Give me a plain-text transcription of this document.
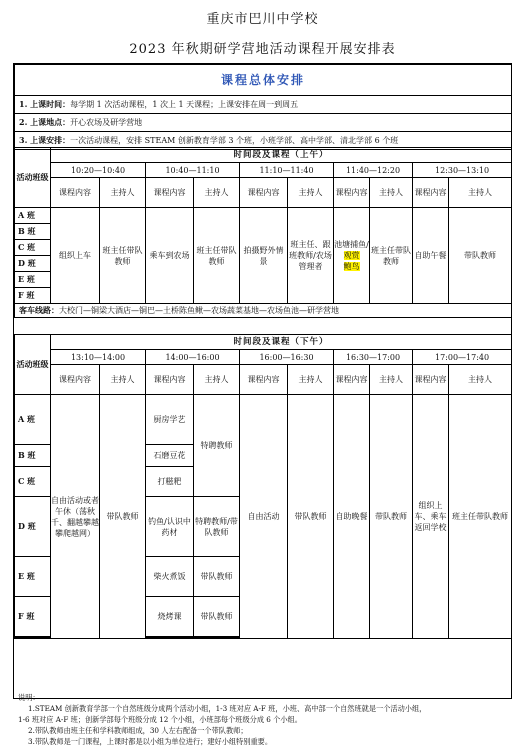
重庆市巴川中学校
2023 年秋期研学营地活动课程开展安排表
课程总体安排
1. 上课时间：每学期 1 次活动课程，1 次上 1 天课程；上课安排在周一到周五
2. 上课地点：开心农场及研学营地
3. 上课安排：一次活动课程，安排 STEAM 创新教育学部 3 个班，小班学部、高中学部、清北学部 6 个班
活动班级	时间段及课程（上午）									
	10:20—10:40		10:40—11:10		11:10—11:40		11:40—12:20		12:30—13:10	
	课程内容	主持人	课程内容	主持人	课程内容	主持人	课程内容	主持人	课程内容	主持人
A 班	组织上车	班主任带队教师	乘车到农场	班主任带队教师	拍摄野外情景	班主任、跟班教师/农场管理者	池塘捕鱼/
观赏
鲍鸟	班主任带队教师	自助午餐	带队教师
B 班										
C 班										
D 班										
E 班										
F 班										
客车线路：大校门—铜梁大酒店—铜巴—土桥陈鱼鳅—农场蔬菜基地—农场鱼池—研学营地										
活动班级	时间段及课程（下午）									
	13:10—14:00		14:00—16:00		16:00—16:30		16:30—17:00		17:00—17:40	
	课程内容	主持人	课程内容	主持人	课程内容	主持人	课程内容	主持人	课程内容	主持人
A 班	自由活动或者午休（荡秋千、翻越攀越攀爬越网）	带队教师	厨房学艺	特聘教师	自由活动	带队教师	自助晚餐	带队教师	组织上车、乘车返回学校	班主任带队教师
B 班			石磨豆花							
C 班			打糍粑							
D 班			钓鱼/认识中药材	特聘教师/带队教师						
E 班			柴火煮饭	带队教师						
F 班			烧烤课	带队教师						

说明：
1.STEAM 创新教育学部一个自然班级分成两个活动小组，1-3 班对应 A-F 班，小班、高中部一个自然班就是一个活动小组，
1-6 班对应 A-F 班；创新学部每个班级分成 12 个小组，小班部每个班级分成 6 个小组。
2.带队教师由班主任和学科教师组成，30 人左右配备一个带队教师；
3.带队教师是一门课程，上课时都是以小组为单位进行；建好小组特别重要。
